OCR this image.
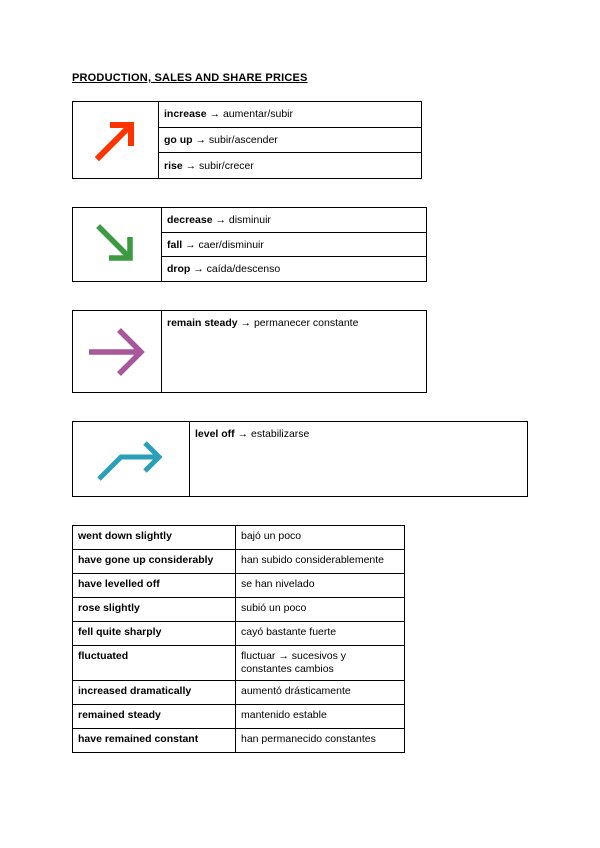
PRODUCTION, SALES AND SHARE PRICES
increase
→ aumentar/subir
go up
→ subir/ascender
rise
→ subir/crecer
decrease
→ disminuir
fall
→ caer/disminuir
drop
→ caída/descenso
remain steady → permanecer constante
level off → estabilizarse
went down slightly	bajó un poco
have gone up considerably	han subido considerablemente
have levelled off	se han nivelado
rose slightly	subió un poco
fell quite sharply	cayó bastante fuerte
fluctuated	fluctuar → sucesivos y constantes cambios
increased dramatically	aumentó drásticamente
remained steady	mantenido estable
have remained constant	han permanecido constantes
